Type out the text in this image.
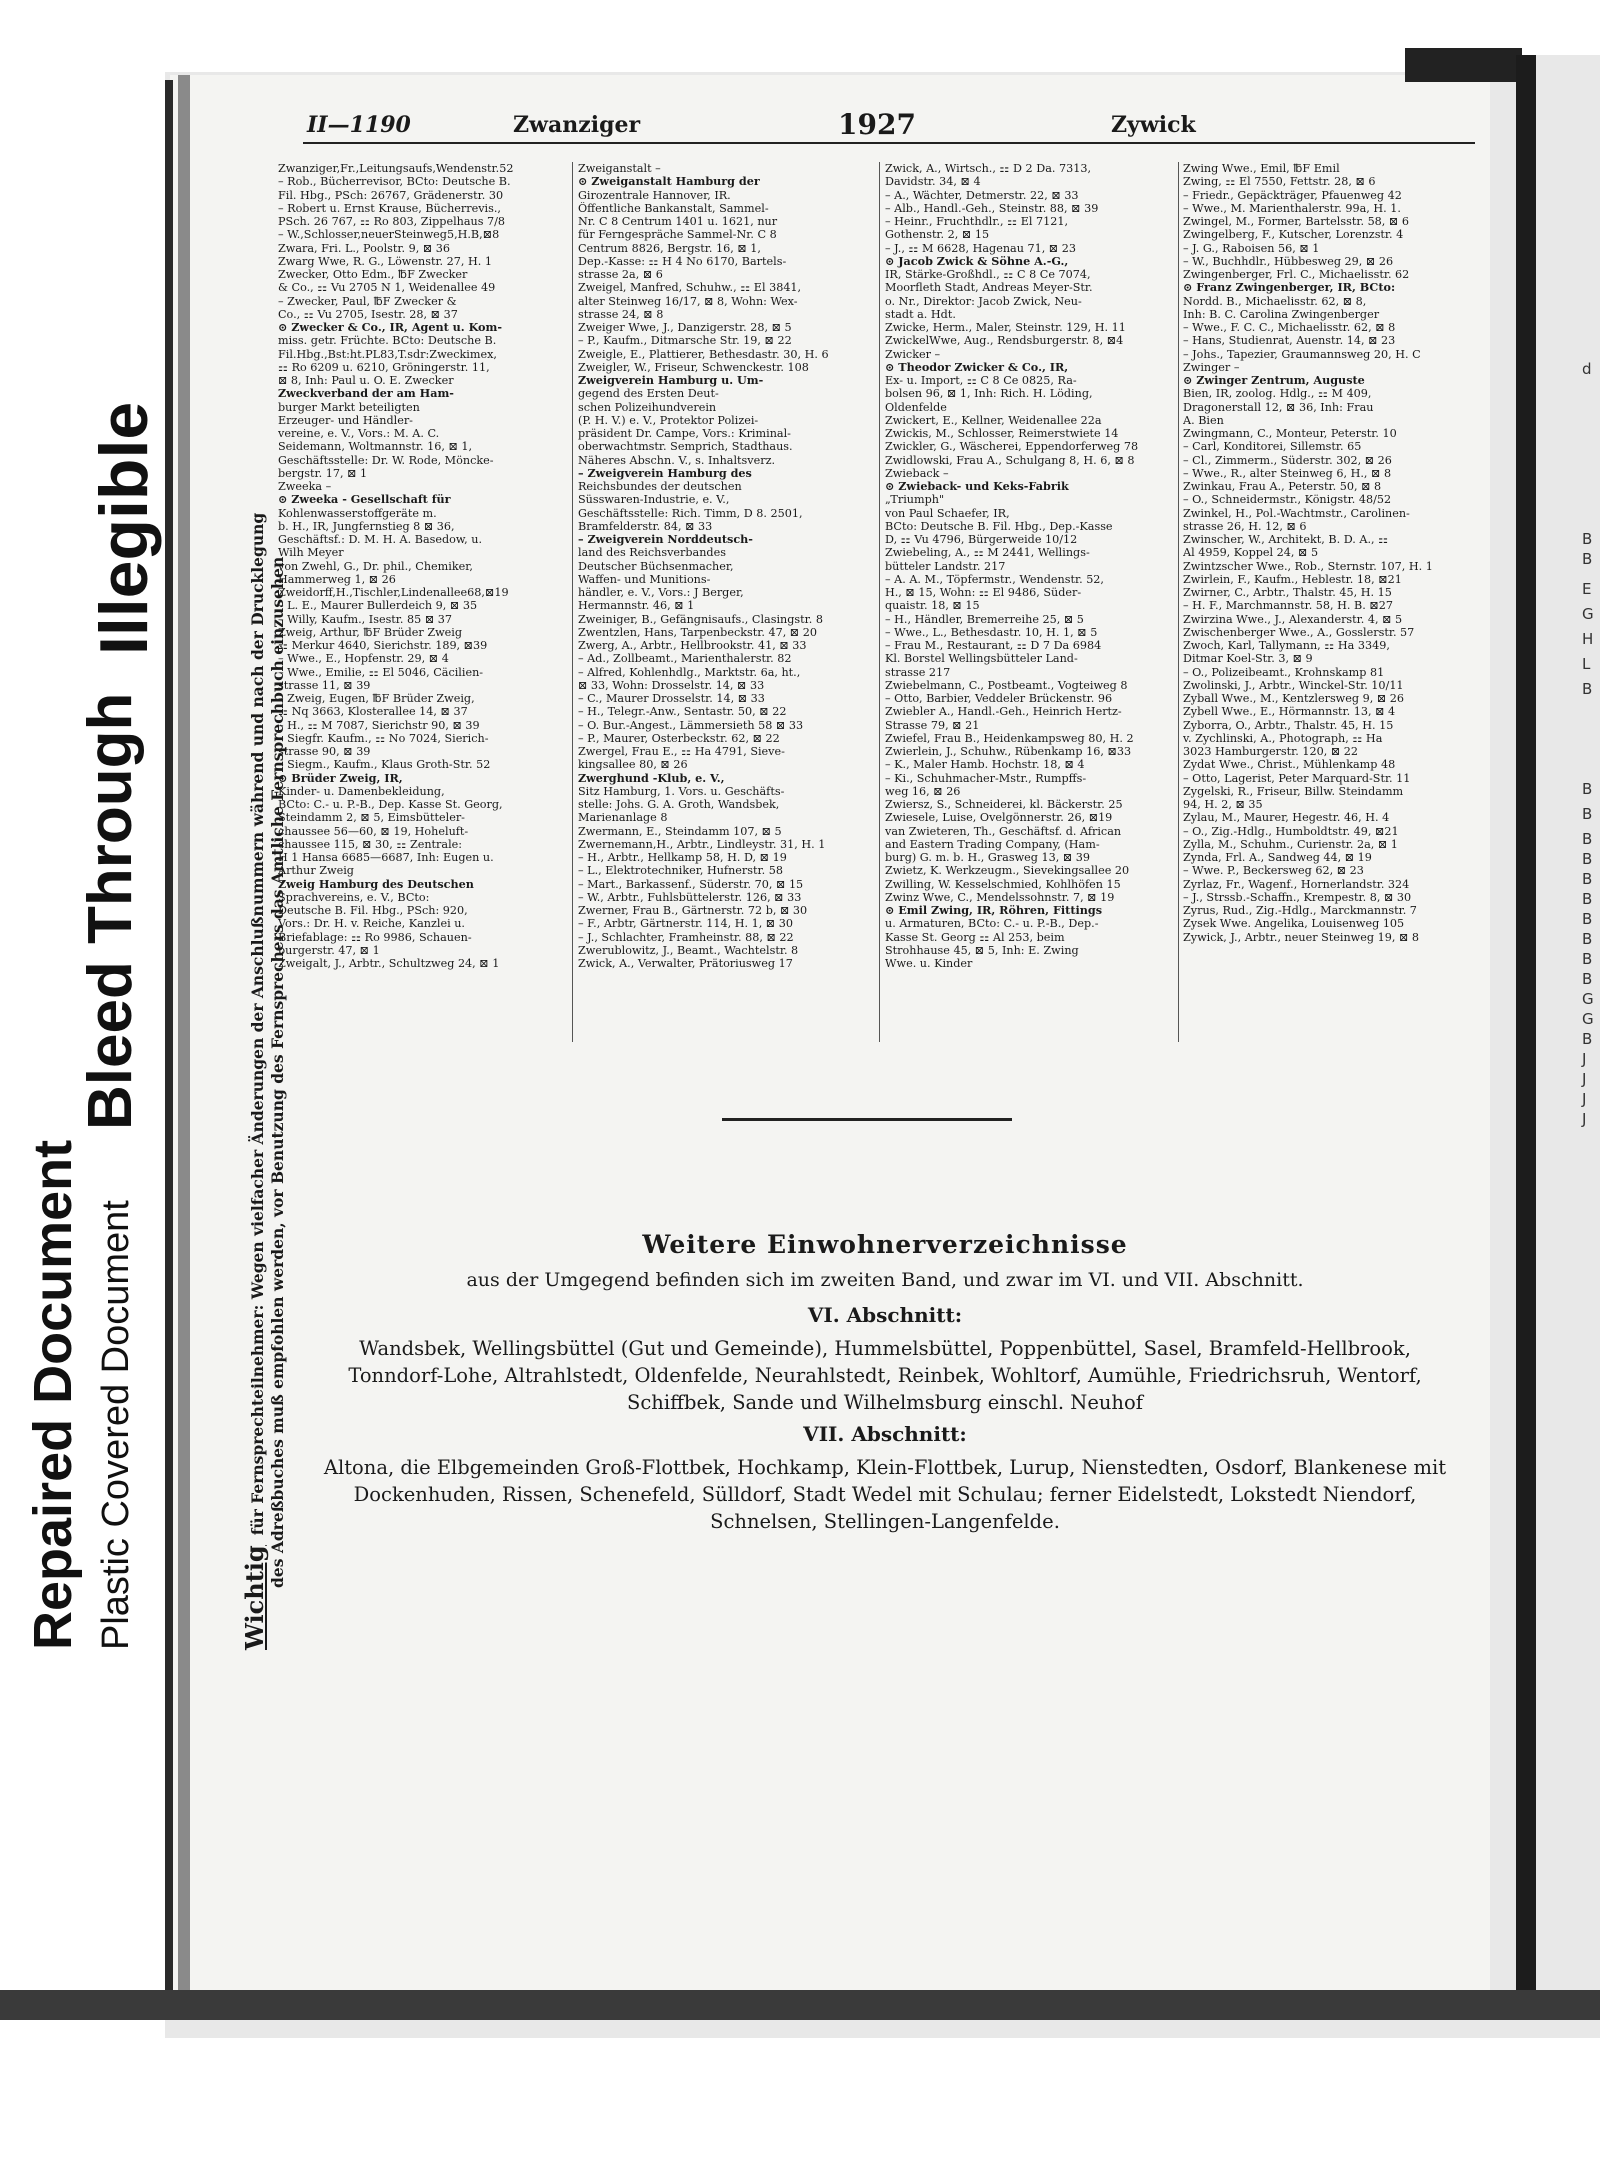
d
B
B
E
G
H
L
B
B
B
B
B
B
B
B
B
B
B
G
G
B
J
J
J
J
Repaired Document Plastic Covered Document
Bleed Through
Illegible
Wichtigfür Fernsprechteilnehmer: Wegen vielfacher Änderungen der Anschlußnummern während und nach der Drucklegung des Adreßbuches muß empfohlen werden, vor Benutzung des Fernsprechers das Amtliche Fernsprechbuch einzusehen
II—1190	Zwanziger	1927	Zywick
Zwanziger,Fr.,Leitungsaufs,Wendenstr.52
– Rob., Bücherrevisor, BCto: Deutsche B.
Fil. Hbg., PSch: 26767, Grädenerstr. 30
– Robert u. Ernst Krause, Bücherrevis.,
PSch. 26 767, ⚏ Ro 803, Zippelhaus 7/8
– W.,Schlosser,neuerSteinweg5,H.B,⊠8
Zwara, Fri. L., Poolstr. 9, ⊠ 36
Zwarg Wwe, R. G., Löwenstr. 27, H. 1
Zwecker, Otto Edm., ℔F Zwecker
& Co., ⚏ Vu 2705 N 1, Weidenallee 49
– Zwecker, Paul, ℔F Zwecker &
Co., ⚏ Vu 2705, Isestr. 28, ⊠ 37
⊙ Zwecker & Co., IR, Agent u. Kom-
miss. getr. Früchte. BCto: Deutsche B.
Fil.Hbg.,Bst:ht.PL83,T.sdr:Zweckimex,
⚏ Ro 6209 u. 6210, Gröningerstr. 11,
⊠ 8, Inh: Paul u. O. E. Zwecker
Zweckverband der am Ham-
burger Markt beteiligten
Erzeuger- und Händler-
vereine, e. V., Vors.: M. A. C.
Seidemann, Woltmannstr. 16, ⊠ 1,
Geschäftsstelle: Dr. W. Rode, Möncke-
bergstr. 17, ⊠ 1
Zweeka –
⊙ Zweeka - Gesellschaft für
Kohlenwasserstoffgeräte m.
b. H., IR, Jungfernstieg 8 ⊠ 36,
Geschäftsf.: D. M. H. A. Basedow, u.
Wilh Meyer
von Zwehl, G., Dr. phil., Chemiker,
Hammerweg 1, ⊠ 26
Zweidorff,H.,Tischler,Lindenallee68,⊠19
– L. E., Maurer Bullerdeich 9, ⊠ 35
– Willy, Kaufm., Isestr. 85 ⊠ 37
Zweig, Arthur, ℔F Brüder Zweig
⚏ Merkur 4640, Sierichstr. 189, ⊠39
– Wwe., E., Hopfenstr. 29, ⊠ 4
– Wwe., Emilie, ⚏ El 5046, Cäcilien-
strasse 11, ⊠ 39
– Zweig, Eugen, ℔F Brüder Zweig,
⚏ Nq 3663, Klosterallee 14, ⊠ 37
– H., ⚏ M 7087, Sierichstr 90, ⊠ 39
– Siegfr. Kaufm., ⚏ No 7024, Sierich-
strasse 90, ⊠ 39
– Siegm., Kaufm., Klaus Groth-Str. 52
⊙ Brüder Zweig, IR,
Kinder- u. Damenbekleidung,
BCto: C.- u. P.-B., Dep. Kasse St. Georg,
Steindamm 2, ⊠ 5, Eimsbütteler-
chaussee 56—60, ⊠ 19, Hoheluft-
chaussee 115, ⊠ 30, ⚏ Zentrale:
H 1 Hansa 6685—6687, Inh: Eugen u.
Arthur Zweig
Zweig Hamburg des Deutschen
Sprachvereins, e. V., BCto:
Deutsche B. Fil. Hbg., PSch: 920,
Vors.: Dr. H. v. Reiche, Kanzlei u.
Briefablage: ⚏ Ro 9986, Schauen-
burgerstr. 47, ⊠ 1
Zweigalt, J., Arbtr., Schultzweg 24, ⊠ 1
Zweiganstalt –
⊙ Zweiganstalt Hamburg der
Girozentrale Hannover, IR.
Öffentliche Bankanstalt, Sammel-
Nr. C 8 Centrum 1401 u. 1621, nur
für Ferngespräche Sammel-Nr. C 8
Centrum 8826, Bergstr. 16, ⊠ 1,
Dep.-Kasse: ⚏ H 4 No 6170, Bartels-
strasse 2a, ⊠ 6
Zweigel, Manfred, Schuhw., ⚏ El 3841,
alter Steinweg 16/17, ⊠ 8, Wohn: Wex-
strasse 24, ⊠ 8
Zweiger Wwe, J., Danzigerstr. 28, ⊠ 5
– P., Kaufm., Ditmarsche Str. 19, ⊠ 22
Zweigle, E., Plattierer, Bethesdastr. 30, H. 6
Zweigler, W., Friseur, Schwenckestr. 108
Zweigverein Hamburg u. Um-
gegend des Ersten Deut-
schen Polizeihundverein
(P. H. V.) e. V., Protektor Polizei-
präsident Dr. Campe, Vors.: Kriminal-
oberwachtmstr. Semprich, Stadthaus.
Näheres Abschn. V., s. Inhaltsverz.
– Zweigverein Hamburg des
Reichsbundes der deutschen
Süsswaren-Industrie, e. V.,
Geschäftsstelle: Rich. Timm, D 8. 2501,
Bramfelderstr. 84, ⊠ 33
– Zweigverein Norddeutsch-
land des Reichsverbandes
Deutscher Büchsenmacher,
Waffen- und Munitions-
händler, e. V., Vors.: J Berger,
Hermannstr. 46, ⊠ 1
Zweiniger, B., Gefängnisaufs., Clasingstr. 8
Zwentzlen, Hans, Tarpenbeckstr. 47, ⊠ 20
Zwerg, A., Arbtr., Hellbrookstr. 41, ⊠ 33
– Ad., Zollbeamt., Marienthalerstr. 82
– Alfred, Kohlenhdlg., Marktstr. 6a, ht.,
⊠ 33, Wohn: Drosselstr. 14, ⊠ 33
– C., Maurer Drosselstr. 14, ⊠ 33
– H., Telegr.-Anw., Sentastr. 50, ⊠ 22
– O. Bur.-Angest., Lämmersieth 58 ⊠ 33
– P., Maurer, Osterbeckstr. 62, ⊠ 22
Zwergel, Frau E., ⚏ Ha 4791, Sieve-
kingsallee 80, ⊠ 26
Zwerghund -Klub, e. V.,
Sitz Hamburg, 1. Vors. u. Geschäfts-
stelle: Johs. G. A. Groth, Wandsbek,
Marienanlage 8
Zwermann, E., Steindamm 107, ⊠ 5
Zwernemann,H., Arbtr., Lindleystr. 31, H. 1
– H., Arbtr., Hellkamp 58, H. D, ⊠ 19
– L., Elektrotechniker, Hufnerstr. 58
– Mart., Barkassenf., Süderstr. 70, ⊠ 15
– W., Arbtr., Fuhlsbüttelerstr. 126, ⊠ 33
Zwerner, Frau B., Gärtnerstr. 72 b, ⊠ 30
– F., Arbtr, Gärtnerstr. 114, H. 1, ⊠ 30
– J., Schlachter, Framheinstr. 88, ⊠ 22
Zwerublowitz, J., Beamt., Wachtelstr. 8
Zwick, A., Verwalter, Prätoriusweg 17
Zwick, A., Wirtsch., ⚏ D 2 Da. 7313,
Davidstr. 34, ⊠ 4
– A., Wächter, Detmerstr. 22, ⊠ 33
– Alb., Handl.-Geh., Steinstr. 88, ⊠ 39
– Heinr., Fruchthdlr., ⚏ El 7121,
Gothenstr. 2, ⊠ 15
– J., ⚏ M 6628, Hagenau 71, ⊠ 23
⊙ Jacob Zwick & Söhne A.-G.,
IR, Stärke-Großhdl., ⚏ C 8 Ce 7074,
Moorfleth Stadt, Andreas Meyer-Str.
o. Nr., Direktor: Jacob Zwick, Neu-
stadt a. Hdt.
Zwicke, Herm., Maler, Steinstr. 129, H. 11
ZwickelWwe, Aug., Rendsburgerstr. 8, ⊠4
Zwicker –
⊙ Theodor Zwicker & Co., IR,
Ex- u. Import, ⚏ C 8 Ce 0825, Ra-
bolsen 96, ⊠ 1, Inh: Rich. H. Löding,
Oldenfelde
Zwickert, E., Kellner, Weidenallee 22a
Zwickis, M., Schlosser, Reimerstwiete 14
Zwickler, G., Wäscherei, Eppendorferweg 78
Zwidlowski, Frau A., Schulgang 8, H. 6, ⊠ 8
Zwieback –
⊙ Zwieback- und Keks-Fabrik
„Triumph"
von Paul Schaefer, IR,
BCto: Deutsche B. Fil. Hbg., Dep.-Kasse
D, ⚏ Vu 4796, Bürgerweide 10/12
Zwiebeling, A., ⚏ M 2441, Wellings-
bütteler Landstr. 217
– A. A. M., Töpfermstr., Wendenstr. 52,
H., ⊠ 15, Wohn: ⚏ El 9486, Süder-
quaistr. 18, ⊠ 15
– H., Händler, Bremerreihe 25, ⊠ 5
– Wwe., L., Bethesdastr. 10, H. 1, ⊠ 5
– Frau M., Restaurant, ⚏ D 7 Da 6984
Kl. Borstel Wellingsbütteler Land-
strasse 217
Zwiebelmann, C., Postbeamt., Vogteiweg 8
– Otto, Barbier, Veddeler Brückenstr. 96
Zwiebler A., Handl.-Geh., Heinrich Hertz-
Strasse 79, ⊠ 21
Zwiefel, Frau B., Heidenkampsweg 80, H. 2
Zwierlein, J., Schuhw., Rübenkamp 16, ⊠33
– K., Maler Hamb. Hochstr. 18, ⊠ 4
– Ki., Schuhmacher-Mstr., Rumpffs-
weg 16, ⊠ 26
Zwiersz, S., Schneiderei, kl. Bäckerstr. 25
Zwiesele, Luise, Ovelgönnerstr. 26, ⊠19
van Zwieteren, Th., Geschäftsf. d. African
and Eastern Trading Company, (Ham-
burg) G. m. b. H., Grasweg 13, ⊠ 39
Zwietz, K. Werkzeugm., Sievekingsallee 20
Zwilling, W. Kesselschmied, Kohlhöfen 15
Zwinz Wwe, C., Mendelssohnstr. 7, ⊠ 19
⊙ Emil Zwing, IR, Röhren, Fittings
u. Armaturen, BCto: C.- u. P.-B., Dep.-
Kasse St. Georg ⚏ Al 253, beim
Strohhause 45, ⊠ 5, Inh: E. Zwing
Wwe. u. Kinder
Zwing Wwe., Emil, ℔F Emil
Zwing, ⚏ El 7550, Fettstr. 28, ⊠ 6
– Friedr., Gepäckträger, Pfauenweg 42
– Wwe., M. Marienthalerstr. 99a, H. 1.
Zwingel, M., Former, Bartelsstr. 58, ⊠ 6
Zwingelberg, F., Kutscher, Lorenzstr. 4
– J. G., Raboisen 56, ⊠ 1
– W., Buchhdlr., Hübbesweg 29, ⊠ 26
Zwingenberger, Frl. C., Michaelisstr. 62
⊙ Franz Zwingenberger, IR, BCto:
Nordd. B., Michaelisstr. 62, ⊠ 8,
Inh: B. C. Carolina Zwingenberger
– Wwe., F. C. C., Michaelisstr. 62, ⊠ 8
– Hans, Studienrat, Auenstr. 14, ⊠ 23
– Johs., Tapezier, Graumannsweg 20, H. C
Zwinger –
⊙ Zwinger Zentrum, Auguste
Bien, IR, zoolog. Hdlg., ⚏ M 409,
Dragonerstall 12, ⊠ 36, Inh: Frau
A. Bien
Zwingmann, C., Monteur, Peterstr. 10
– Carl, Konditorei, Sillemstr. 65
– Cl., Zimmerm., Süderstr. 302, ⊠ 26
– Wwe., R., alter Steinweg 6, H., ⊠ 8
Zwinkau, Frau A., Peterstr. 50, ⊠ 8
– O., Schneidermstr., Königstr. 48/52
Zwinkel, H., Pol.-Wachtmstr., Carolinen-
strasse 26, H. 12, ⊠ 6
Zwinscher, W., Architekt, B. D. A., ⚏
Al 4959, Koppel 24, ⊠ 5
Zwintzscher Wwe., Rob., Sternstr. 107, H. 1
Zwirlein, F., Kaufm., Heblestr. 18, ⊠21
Zwirner, C., Arbtr., Thalstr. 45, H. 15
– H. F., Marchmannstr. 58, H. B. ⊠27
Zwirzina Wwe., J., Alexanderstr. 4, ⊠ 5
Zwischenberger Wwe., A., Gosslerstr. 57
Zwoch, Karl, Tallymann, ⚏ Ha 3349,
Ditmar Koel-Str. 3, ⊠ 9
– O., Polizeibeamt., Krohnskamp 81
Zwolinski, J., Arbtr., Winckel-Str. 10/11
Zyball Wwe., M., Kentzlersweg 9, ⊠ 26
Zybell Wwe., E., Hörmannstr. 13, ⊠ 4
Zyborra, O., Arbtr., Thalstr. 45, H. 15
v. Zychlinski, A., Photograph, ⚏ Ha
3023 Hamburgerstr. 120, ⊠ 22
Zydat Wwe., Christ., Mühlenkamp 48
– Otto, Lagerist, Peter Marquard-Str. 11
Zygelski, R., Friseur, Billw. Steindamm
94, H. 2, ⊠ 35
Zylau, M., Maurer, Hegestr. 46, H. 4
– O., Zig.-Hdlg., Humboldtstr. 49, ⊠21
Zylla, M., Schuhm., Curienstr. 2a, ⊠ 1
Zynda, Frl. A., Sandweg 44, ⊠ 19
– Wwe. P., Beckersweg 62, ⊠ 23
Zyrlaz, Fr., Wagenf., Hornerlandstr. 324
– J., Strssb.-Schaffn., Krempestr. 8, ⊠ 30
Zyrus, Rud., Zig.-Hdlg., Marckmannstr. 7
Zysek Wwe. Angelika, Louisenweg 105
Zywick, J., Arbtr., neuer Steinweg 19, ⊠ 8
Weitere Einwohnerverzeichnisse
aus der Umgegend befinden sich im zweiten Band, und zwar im VI. und VII. Abschnitt.
VI. Abschnitt:
Wandsbek, Wellingsbüttel (Gut und Gemeinde), Hummelsbüttel, Poppenbüttel, Sasel, Bramfeld-Hellbrook, Tonndorf-Lohe, Altrahlstedt, Oldenfelde, Neurahlstedt, Reinbek, Wohltorf, Aumühle, Friedrichsruh, Wentorf, Schiffbek, Sande und Wilhelmsburg einschl. Neuhof
VII. Abschnitt:
Altona, die Elbgemeinden Groß-Flottbek, Hochkamp, Klein-Flottbek, Lurup, Nienstedten, Osdorf, Blankenese mit Dockenhuden, Rissen, Schenefeld, Sülldorf, Stadt Wedel mit Schulau; ferner Eidelstedt, Lokstedt Niendorf, Schnelsen, Stellingen-Langenfelde.
